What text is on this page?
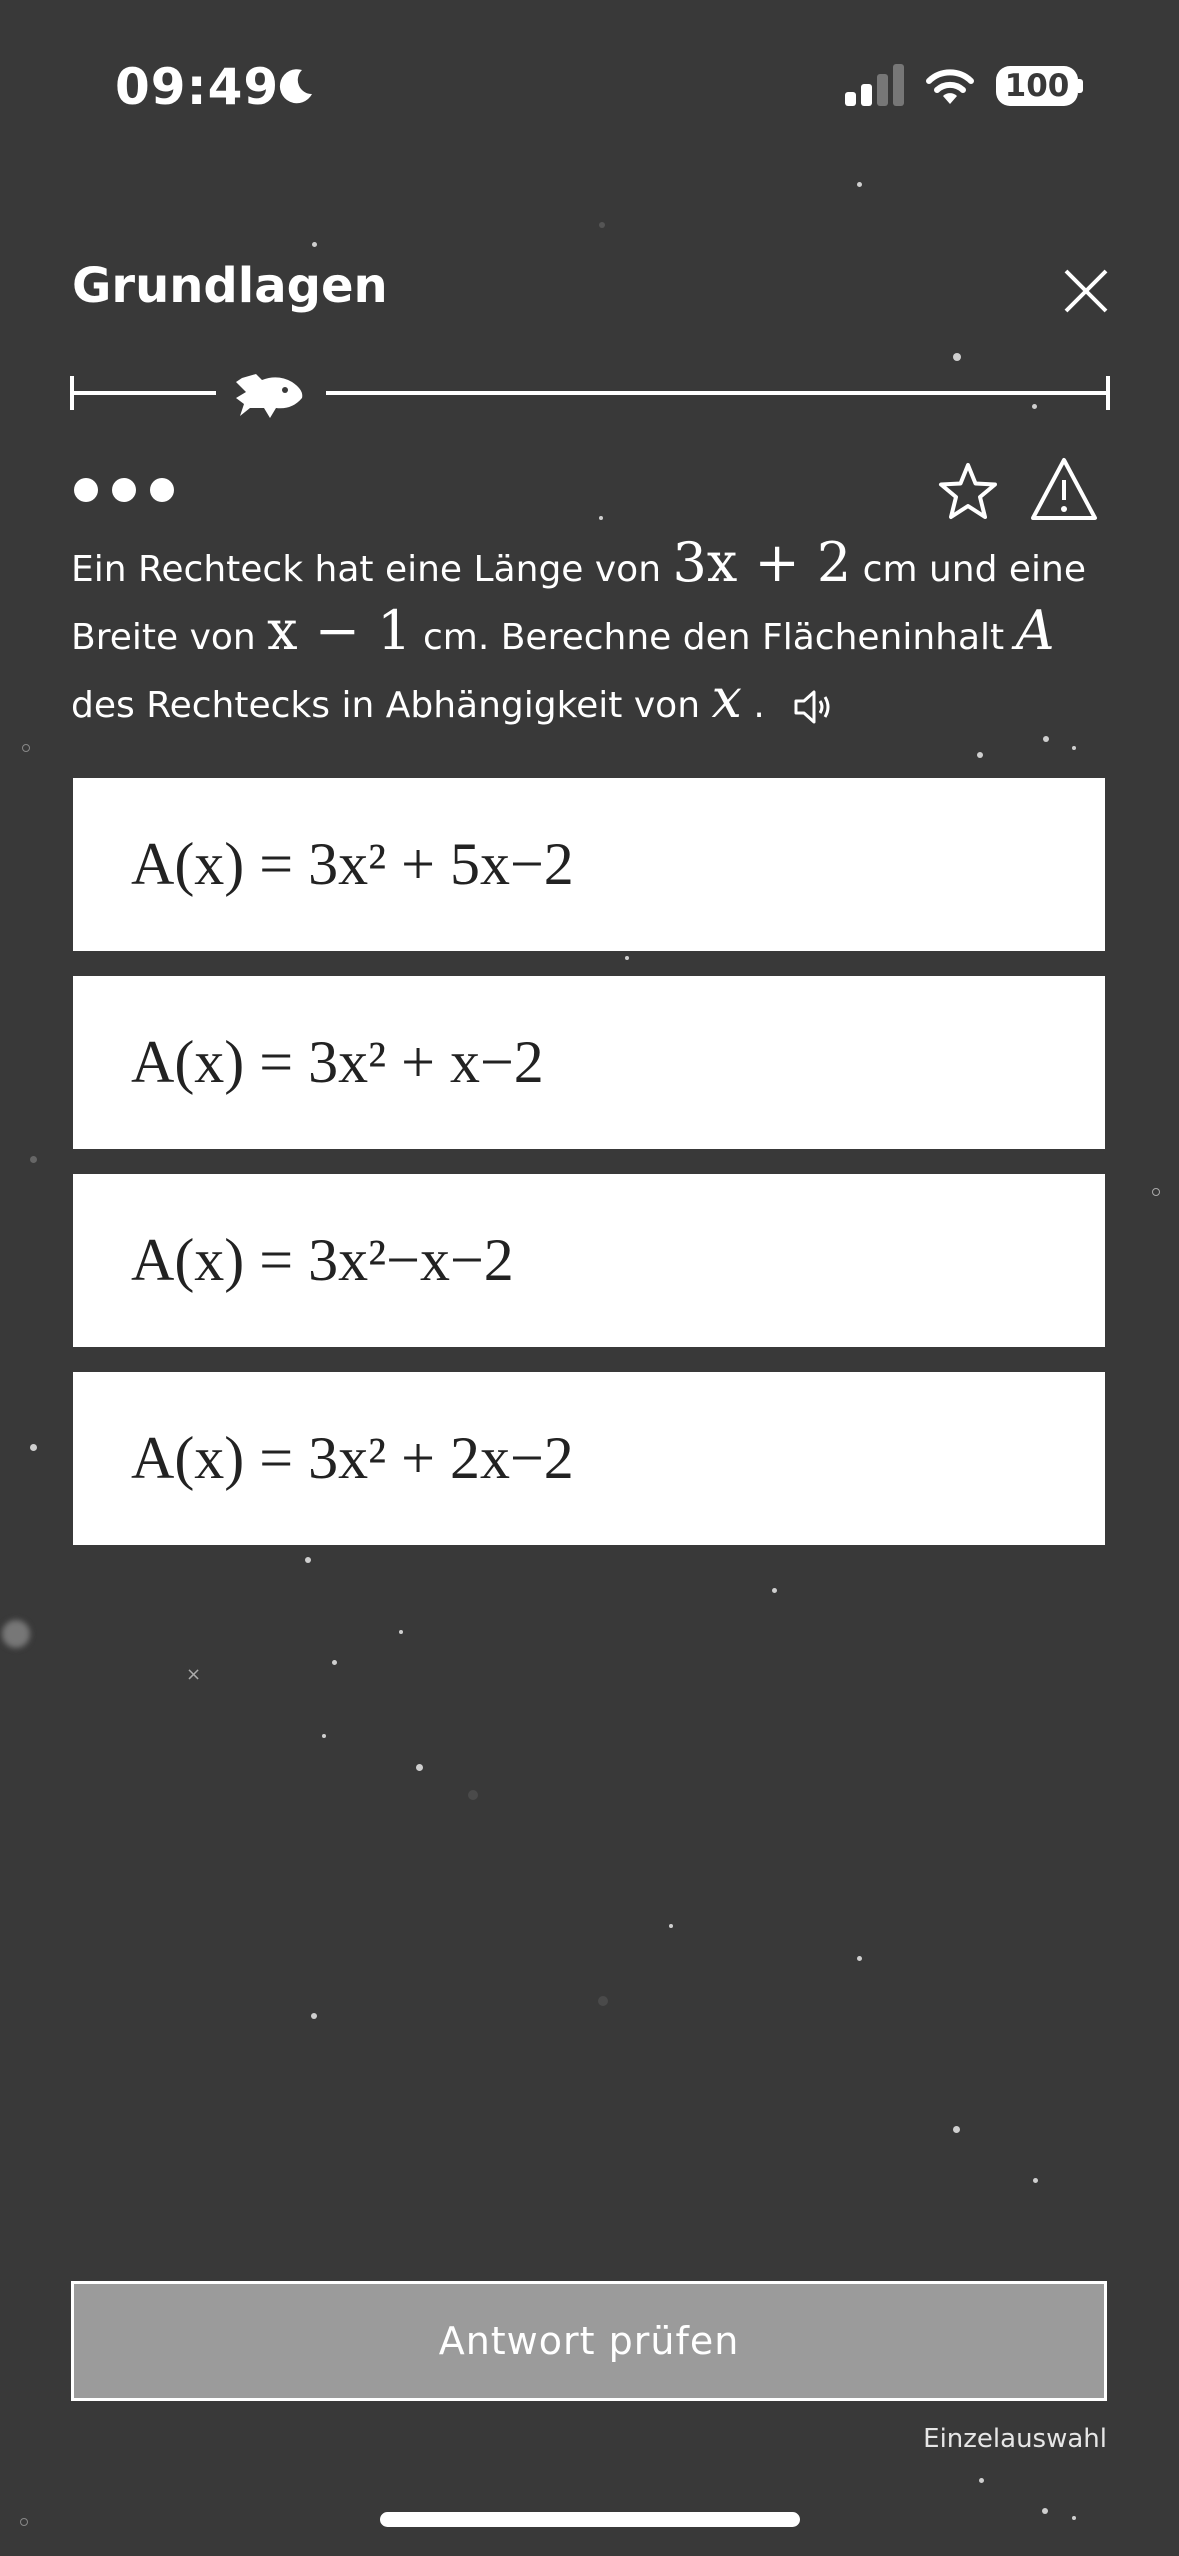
×
09:49	100
Grundlagen
Ein Rechteck hat eine Länge von 3x + 2 cm und eine Breite von x − 1 cm. Berechne den Flächeninhalt A des Rechtecks in Abhängigkeit von x .
A(x) = 3x² + 5x−2
A(x) = 3x² + x−2
A(x) = 3x²−x−2
A(x) = 3x² + 2x−2
Antwort prüfen
Einzelauswahl
